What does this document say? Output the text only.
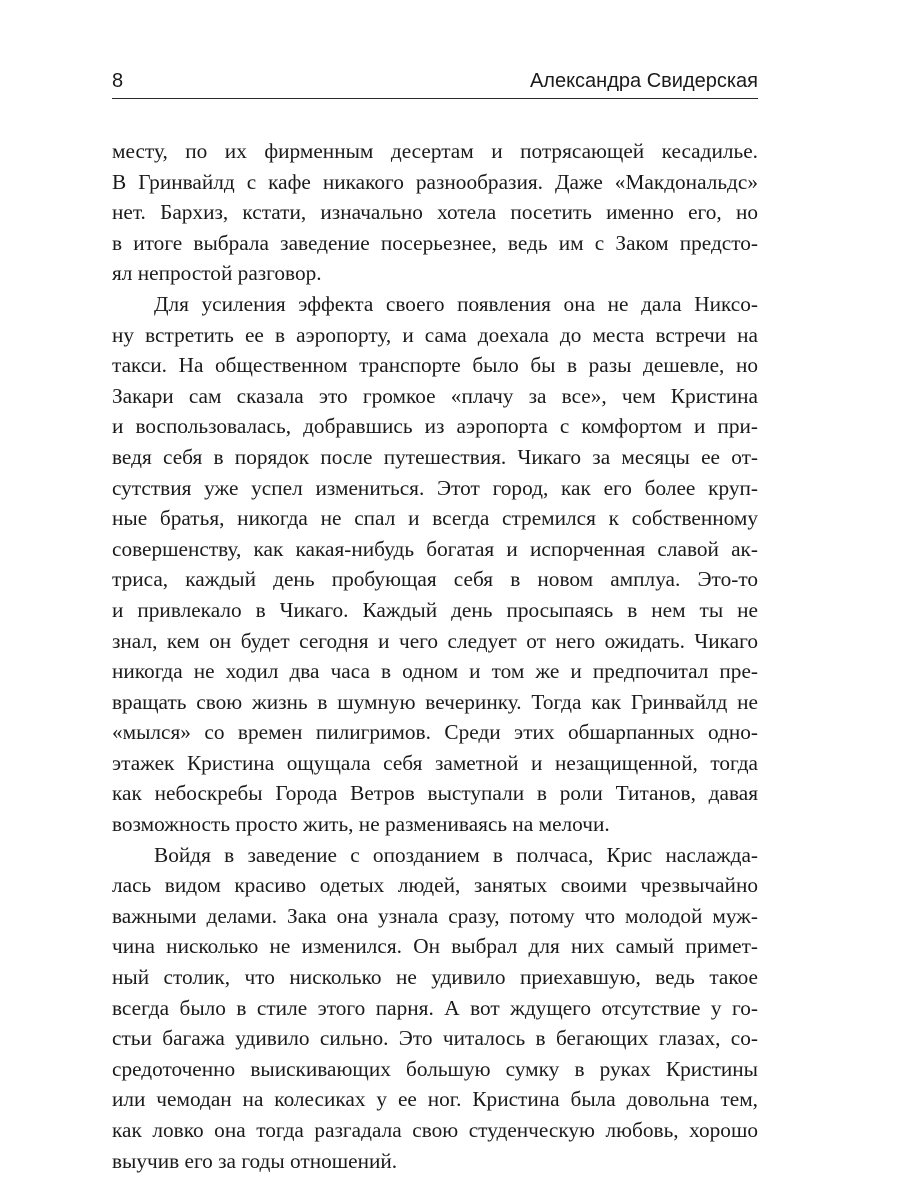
8	Александра Свидерская
месту, по их фирменным десертам и потрясающей кесадилье.
В Гринвайлд с кафе никакого разнообразия. Даже «Макдональдс»
нет. Бархиз, кстати, изначально хотела посетить именно его, но
в итоге выбрала заведение посерьезнее, ведь им с Заком предсто-
ял непростой разговор.
Для усиления эффекта своего появления она не дала Никсо-
ну встретить ее в аэропорту, и сама доехала до места встречи на
такси. На общественном транспорте было бы в разы дешевле, но
Закари сам сказала это громкое «плачу за все», чем Кристина
и воспользовалась, добравшись из аэропорта с комфортом и при-
ведя себя в порядок после путешествия. Чикаго за месяцы ее от-
сутствия уже успел измениться. Этот город, как его более круп-
ные братья, никогда не спал и всегда стремился к собственному
совершенству, как какая-нибудь богатая и испорченная славой ак-
триса, каждый день пробующая себя в новом амплуа. Это-то
и привлекало в Чикаго. Каждый день просыпаясь в нем ты не
знал, кем он будет сегодня и чего следует от него ожидать. Чикаго
никогда не ходил два часа в одном и том же и предпочитал пре-
вращать свою жизнь в шумную вечеринку. Тогда как Гринвайлд не
«мылся» со времен пилигримов. Среди этих обшарпанных одно-
этажек Кристина ощущала себя заметной и незащищенной, тогда
как небоскребы Города Ветров выступали в роли Титанов, давая
возможность просто жить, не размениваясь на мелочи.
Войдя в заведение с опозданием в полчаса, Крис наслажда-
лась видом красиво одетых людей, занятых своими чрезвычайно
важными делами. Зака она узнала сразу, потому что молодой муж-
чина нисколько не изменился. Он выбрал для них самый примет-
ный столик, что нисколько не удивило приехавшую, ведь такое
всегда было в стиле этого парня. А вот ждущего отсутствие у го-
стьи багажа удивило сильно. Это читалось в бегающих глазах, со-
средоточенно выискивающих большую сумку в руках Кристины
или чемодан на колесиках у ее ног. Кристина была довольна тем,
как ловко она тогда разгадала свою студенческую любовь, хорошо
выучив его за годы отношений.
